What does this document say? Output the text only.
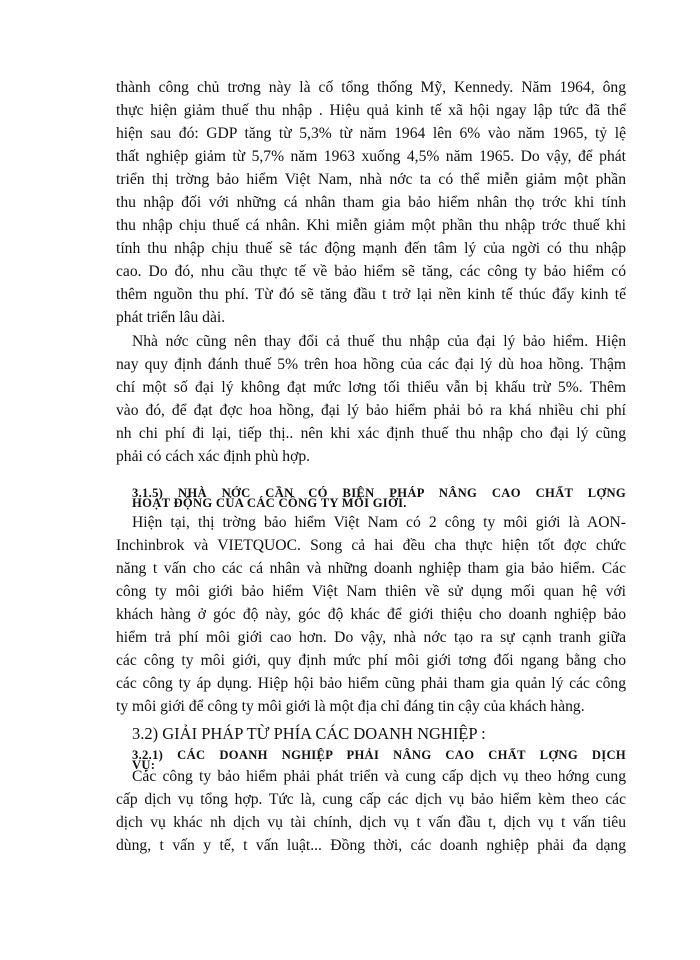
thành công chủ trơng này là cố tổng thống Mỹ, Kennedy. Năm 1964, ông
thực hiện giảm thuế thu nhập . Hiệu quả kinh tế xã hội ngay lập tức đã thể
hiện sau đó: GDP tăng từ 5,3% từ năm 1964 lên 6% vào năm 1965, tỷ lệ
thất nghiệp giảm từ 5,7% năm 1963 xuống 4,5% năm 1965. Do vậy, để phát
triển thị trờng bảo hiểm Việt Nam, nhà nớc ta có thể miễn giảm một phần
thu nhập đối với những cá nhân tham gia bảo hiểm nhân thọ trớc khi tính
thu nhập chịu thuế cá nhân. Khi miễn giảm một phần thu nhập trớc thuế khi
tính thu nhập chịu thuế sẽ tác động mạnh đến tâm lý của ngời có thu nhập
cao. Do đó, nhu cầu thực tế về bảo hiểm sẽ tăng, các công ty bảo hiểm có
thêm nguồn thu phí. Từ đó sẽ tăng đầu t trở lại nền kinh tế thúc đẩy kinh tế
phát triển lâu dài.
Nhà nớc cũng nên thay đổi cả thuế thu nhập của đại lý bảo hiểm. Hiện
nay quy định đánh thuế 5% trên hoa hồng của các đại lý dù hoa hồng. Thậm
chí một số đại lý không đạt mức lơng tối thiểu vẫn bị khấu trừ 5%. Thêm
vào đó, để đạt đợc hoa hồng, đại lý bảo hiểm phải bỏ ra khá nhiều chi phí
nh chi phí đi lại, tiếp thị.. nên khi xác định thuế thu nhập cho đại lý cũng
phải có cách xác định phù hợp.
3.1.5) NHÀ NỚC CẦN CÓ BIỆN PHÁP NÂNG CAO CHẤT LỢNG
HOẠT ĐỘNG CỦA CÁC CÔNG TY MÔI GIỚI.
Hiện tại, thị trờng bảo hiểm Việt Nam có 2 công ty môi giới là AON-
Inchinbrok và VIETQUOC. Song cả hai đều cha thực hiện tốt đợc chức
năng t vấn cho các cá nhân và những doanh nghiệp tham gia bảo hiểm. Các
công ty môi giới bảo hiểm Việt Nam thiên về sử dụng mối quan hệ với
khách hàng ở góc độ này, góc độ khác để giới thiệu cho doanh nghiệp bảo
hiểm trả phí môi giới cao hơn. Do vậy, nhà nớc tạo ra sự cạnh tranh giữa
các công ty môi giới, quy định mức phí môi giới tơng đối ngang bằng cho
các công ty áp dụng. Hiệp hội bảo hiểm cũng phải tham gia quản lý các công
ty môi giới để công ty môi giới là một địa chỉ đáng tin cậy của khách hàng.
3.2) GIẢI PHÁP TỪ PHÍA CÁC DOANH NGHIỆP :
3.2.1) CÁC DOANH NGHIỆP PHẢI NÂNG CAO CHẤT LỢNG DỊCH
VỤ:
Các công ty bảo hiểm phải phát triển và cung cấp dịch vụ theo hớng cung
cấp dịch vụ tổng hợp. Tức là, cung cấp các dịch vụ bảo hiểm kèm theo các
dịch vụ khác nh dịch vụ tài chính, dịch vụ t vấn đầu t, dịch vụ t vấn tiêu
dùng, t vấn y tế, t vấn luật... Đồng thời, các doanh nghiệp phải đa dạng
